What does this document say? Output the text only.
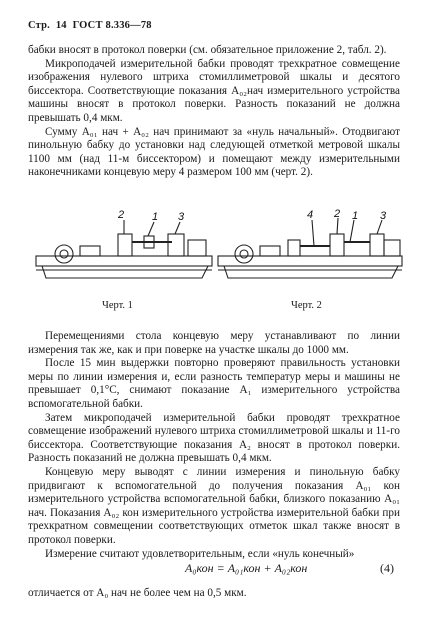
Стр. 14 ГОСТ 8.336—78

бабки вносят в протокол поверки (см. обязательное приложение 2, табл. 2).

Микроподачей измерительной бабки проводят трехкратное совмещение изображения нулевого штриха стомиллиметровой шкалы и десятого биссектора. Соответствующие показания A₀₂нач измерительного устройства машины вносят в протокол поверки. Разность показаний не должна превышать 0,4 мкм.

Сумму A₀₁ нач + A₀₂ нач принимают за «нуль начальный». Отодвигают пинольную бабку до установки над следующей отметкой метровой шкалы 1100 мм (над 11-м биссектором) и помещают между измерительными наконечниками концевую меру 4 размером 100 мм (черт. 2).

2	1 3	4 2 1 3
Черт. 1	Черт. 2

Перемещениями стола концевую меру устанавливают по линии измерения так же, как и при поверке на участке шкалы до 1000 мм.

После 15 мин выдержки повторно проверяют правильность установки меры по линии измерения и, если разность температур меры и машины не превышает 0,1°С, снимают показание A₁ измерительного устройства вспомогательной бабки.

Затем микроподачей измерительной бабки проводят трехкратное совмещение изображений нулевого штриха стомиллиметровой шкалы и 11-го биссектора. Соответствующие показания A₂ вносят в протокол поверки. Разность показаний не должна превышать 0,4 мкм.

Концевую меру выводят с линии измерения и пинольную бабку придвигают к вспомогательной до получения показания A₀₁ кон измерительного устройства вспомогательной бабки, близкого показанию A₀₁ нач. Показания A₀₂ кон измерительного устройства измерительной бабки при трехкратном совмещении соответствующих отметок шкал также вносят в протокол поверки.

Измерение считают удовлетворительным, если «нуль конечный»

A₀кон = A₀₁кон + A₀₂кон	(4)

отличается от A₀ нач не более чем на 0,5 мкм.
